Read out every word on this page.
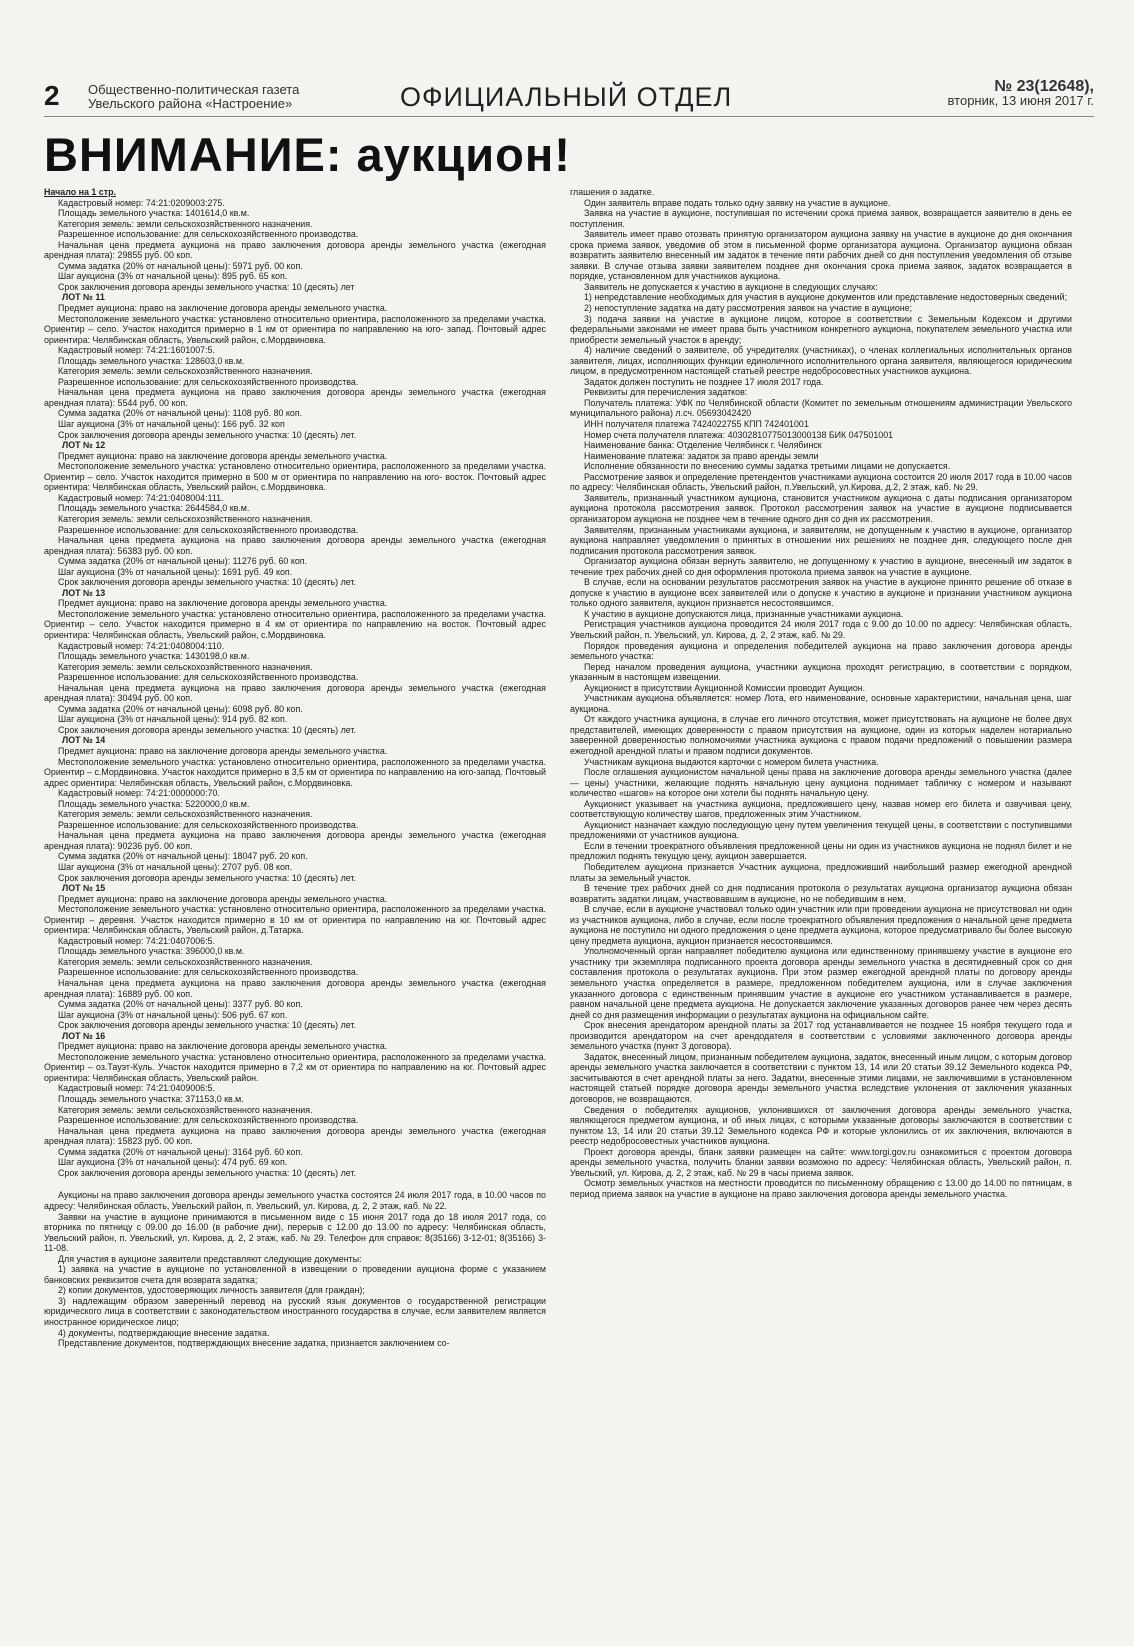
2 Общественно-политическая газета
Увельского района «Настроение»	ОФИЦИАЛЬНЫЙ ОТДЕЛ	№ 23(12648),
вторник, 13 июня 2017 г.
ВНИМАНИЕ: аукцион!

Начало на 1 стр.

Кадастровый номер: 74:21:0209003:275.

Площадь земельного участка: 1401614,0 кв.м.

Категория земель: земли сельскохозяйственного назначения.

Разрешенное использование: для сельскохозяйственного производства.

Начальная цена предмета аукциона на право заключения договора аренды земельного участка (ежегодная арендная плата): 29855 руб. 00 коп.

Сумма задатка (20% от начальной цены): 5971 руб. 00 коп.

Шаг аукциона (3% от начальной цены): 895 руб. 65 коп.

Срок заключения договора аренды земельного участка: 10 (десять) лет

ЛОТ № 11

Предмет аукциона: право на заключение договора аренды земельного участка.

Местоположение земельного участка: установлено относительно ориентира, расположенного за пределами участка. Ориентир – село. Участок находится примерно в 1 км от ориентира по направлению на юго- запад. Почтовый адрес ориентира: Челябинская область, Увельский район, с.Мордвиновка.

Кадастровый номер: 74:21:1601007:5.

Площадь земельного участка: 128603,0 кв.м.

Категория земель: земли сельскохозяйственного назначения.

Разрешенное использование: для сельскохозяйственного производства.

Начальная цена предмета аукциона на право заключения договора аренды земельного участка (ежегодная арендная плата): 5544 руб. 00 коп.

Сумма задатка (20% от начальной цены): 1108 руб. 80 коп.

Шаг аукциона (3% от начальной цены): 166 руб. 32 коп

Срок заключения договора аренды земельного участка: 10 (десять) лет.

ЛОТ № 12

Предмет аукциона: право на заключение договора аренды земельного участка.

Местоположение земельного участка: установлено относительно ориентира, расположенного за пределами участка. Ориентир – село. Участок находится примерно в 500 м от ориентира по направлению на юго- восток. Почтовый адрес ориентира: Челябинская область, Увельский район, с.Мордвиновка.

Кадастровый номер: 74:21:0408004:111.

Площадь земельного участка: 2644584,0 кв.м.

Категория земель: земли сельскохозяйственного назначения.

Разрешенное использование: для сельскохозяйственного производства.

Начальная цена предмета аукциона на право заключения договора аренды земельного участка (ежегодная арендная плата): 56383 руб. 00 коп.

Сумма задатка (20% от начальной цены): 11276 руб. 60 коп.

Шаг аукциона (3% от начальной цены): 1691 руб. 49 коп.

Срок заключения договора аренды земельного участка: 10 (десять) лет.

ЛОТ № 13

Предмет аукциона: право на заключение договора аренды земельного участка.

Местоположение земельного участка: установлено относительно ориентира, расположенного за пределами участка. Ориентир – село. Участок находится примерно в 4 км от ориентира по направлению на восток. Почтовый адрес ориентира: Челябинская область, Увельский район, с.Мордвиновка.

Кадастровый номер: 74:21:0408004:110.

Площадь земельного участка: 1430198,0 кв.м.

Категория земель: земли сельскохозяйственного назначения.

Разрешенное использование: для сельскохозяйственного производства.

Начальная цена предмета аукциона на право заключения договора аренды земельного участка (ежегодная арендная плата): 30494 руб. 00 коп.

Сумма задатка (20% от начальной цены): 6098 руб. 80 коп.

Шаг аукциона (3% от начальной цены): 914 руб. 82 коп.

Срок заключения договора аренды земельного участка: 10 (десять) лет.

ЛОТ № 14

Предмет аукциона: право на заключение договора аренды земельного участка.

Местоположение земельного участка: установлено относительно ориентира, расположенного за пределами участка. Ориентир – с.Мордвиновка. Участок находится примерно в 3,5 км от ориентира по направлению на юго-запад. Почтовый адрес ориентира: Челябинская область, Увельский район, с.Мордвиновка.

Кадастровый номер: 74:21:0000000:70.

Площадь земельного участка: 5220000,0 кв.м.

Категория земель: земли сельскохозяйственного назначения.

Разрешенное использование: для сельскохозяйственного производства.

Начальная цена предмета аукциона на право заключения договора аренды земельного участка (ежегодная арендная плата): 90236 руб. 00 коп.

Сумма задатка (20% от начальной цены): 18047 руб. 20 коп.

Шаг аукциона (3% от начальной цены): 2707 руб. 08 коп.

Срок заключения договора аренды земельного участка: 10 (десять) лет.

ЛОТ № 15

Предмет аукциона: право на заключение договора аренды земельного участка.

Местоположение земельного участка: установлено относительно ориентира, расположенного за пределами участка. Ориентир – деревня. Участок находится примерно в 10 км от ориентира по направлению на юг. Почтовый адрес ориентира: Челябинская область, Увельский район, д.Татарка.

Кадастровый номер: 74:21:0407006:5.

Площадь земельного участка: 396000,0 кв.м.

Категория земель: земли сельскохозяйственного назначения.

Разрешенное использование: для сельскохозяйственного производства.

Начальная цена предмета аукциона на право заключения договора аренды земельного участка (ежегодная арендная плата): 16889 руб. 00 коп.

Сумма задатка (20% от начальной цены): 3377 руб. 80 коп.

Шаг аукциона (3% от начальной цены): 506 руб. 67 коп.

Срок заключения договора аренды земельного участка: 10 (десять) лет.

ЛОТ № 16

Предмет аукциона: право на заключение договора аренды земельного участка.

Местоположение земельного участка: установлено относительно ориентира, расположенного за пределами участка. Ориентир – оз.Тауэт-Куль. Участок находится примерно в 7,2 км от ориентира по направлению на юг. Почтовый адрес ориентира: Челябинская область, Увельский район.

Кадастровый номер: 74:21:0409006:5.

Площадь земельного участка: 371153,0 кв.м.

Категория земель: земли сельскохозяйственного назначения.

Разрешенное использование: для сельскохозяйственного производства.

Начальная цена предмета аукциона на право заключения договора аренды земельного участка (ежегодная арендная плата): 15823 руб. 00 коп.

Сумма задатка (20% от начальной цены): 3164 руб. 60 коп.

Шаг аукциона (3% от начальной цены): 474 руб. 69 коп.

Срок заключения договора аренды земельного участка: 10 (десять) лет.

Аукционы на право заключения договора аренды земельного участка состоятся 24 июля 2017 года, в 10.00 часов по адресу: Челябинская область, Увельский район, п. Увельский, ул. Кирова, д. 2, 2 этаж, каб. № 22.

Заявки на участие в аукционе принимаются в письменном виде с 15 июня 2017 года до 18 июля 2017 года, со вторника по пятницу с 09.00 до 16.00 (в рабочие дни), перерыв с 12.00 до 13.00 по адресу: Челябинская область, Увельский район, п. Увельский, ул. Кирова, д. 2, 2 этаж, каб. № 29. Телефон для справок: 8(35166) 3-12-01; 8(35166) 3-11-08.

Для участия в аукционе заявители представляют следующие документы:

1) заявка на участие в аукционе по установленной в извещении о проведении аукциона форме с указанием банковских реквизитов счета для возврата задатка;

2) копии документов, удостоверяющих личность заявителя (для граждан);

3) надлежащим образом заверенный перевод на русский язык документов о государственной регистрации юридического лица в соответствии с законодательством иностранного государства в случае, если заявителем является иностранное юридическое лицо;

4) документы, подтверждающие внесение задатка.

Представление документов, подтверждающих внесение задатка, признается заключением со-

глашения о задатке.

Один заявитель вправе подать только одну заявку на участие в аукционе.

Заявка на участие в аукционе, поступившая по истечении срока приема заявок, возвращается заявителю в день ее поступления.

Заявитель имеет право отозвать принятую организатором аукциона заявку на участие в аукционе до дня окончания срока приема заявок, уведомив об этом в письменной форме организатора аукциона. Организатор аукциона обязан возвратить заявителю внесенный им задаток в течение пяти рабочих дней со дня поступления уведомления об отзыве заявки. В случае отзыва заявки заявителем позднее дня окончания срока приема заявок, задаток возвращается в порядке, установленном для участников аукциона.

Заявитель не допускается к участию в аукционе в следующих случаях:

1) непредставление необходимых для участия в аукционе документов или представление недостоверных сведений;

2) непоступление задатка на дату рассмотрения заявок на участие в аукционе;

3) подача заявки на участие в аукционе лицом, которое в соответствии с Земельным Кодексом и другими федеральными законами не имеет права быть участником конкретного аукциона, покупателем земельного участка или приобрести земельный участок в аренду;

4) наличие сведений о заявителе, об учредителях (участниках), о членах коллегиальных исполнительных органов заявителя, лицах, исполняющих функции единоличного исполнительного органа заявителя, являющегося юридическим лицом, в предусмотренном настоящей статьей реестре недобросовестных участников аукциона.

Задаток должен поступить не позднее 17 июля 2017 года.

Реквизиты для перечисления задатков:

Получатель платежа: УФК по Челябинской области (Комитет по земельным отношениям администрации Увельского муниципального района) л.сч. 05693042420

ИНН получателя платежа 7424022755 КПП 742401001

Номер счета получателя платежа: 40302810775013000138 БИК 047501001

Наименование банка: Отделение Челябинск г. Челябинск

Наименование платежа: задаток за право аренды земли

Исполнение обязанности по внесению суммы задатка третьими лицами не допускается.

Рассмотрение заявок и определение претендентов участниками аукциона состоится 20 июля 2017 года в 10.00 часов по адресу: Челябинская область, Увельский район, п.Увельский, ул.Кирова, д.2, 2 этаж, каб. № 29.

Заявитель, признанный участником аукциона, становится участником аукциона с даты подписания организатором аукциона протокола рассмотрения заявок. Протокол рассмотрения заявок на участие в аукционе подписывается организатором аукциона не позднее чем в течение одного дня со дня их рассмотрения.

Заявителям, признанным участниками аукциона, и заявителям, не допущенным к участию в аукционе, организатор аукциона направляет уведомления о принятых в отношении них решениях не позднее дня, следующего после дня подписания протокола рассмотрения заявок.

Организатор аукциона обязан вернуть заявителю, не допущенному к участию в аукционе, внесенный им задаток в течение трех рабочих дней со дня оформления протокола приема заявок на участие в аукционе.

В случае, если на основании результатов рассмотрения заявок на участие в аукционе принято решение об отказе в допуске к участию в аукционе всех заявителей или о допуске к участию в аукционе и признании участником аукциона только одного заявителя, аукцион признается несостоявшимся.

К участию в аукционе допускаются лица, признанные участниками аукциона.

Регистрация участников аукциона проводится 24 июля 2017 года с 9.00 до 10.00 по адресу: Челябинская область, Увельский район, п. Увельский, ул. Кирова, д. 2, 2 этаж, каб. № 29.

Порядок проведения аукциона и определения победителей аукциона на право заключения договора аренды земельного участка:

Перед началом проведения аукциона, участники аукциона проходят регистрацию, в соответствии с порядком, указанным в настоящем извещении.

Аукционист в присутствии Аукционной Комиссии проводит Аукцион.

Участникам аукциона объявляется: номер Лота, его наименование, основные характеристики, начальная цена, шаг аукциона.

От каждого участника аукциона, в случае его личного отсутствия, может присутствовать на аукционе не более двух представителей, имеющих доверенности с правом присутствия на аукционе, один из которых наделен нотариально заверенной доверенностью полномочиями участника аукциона с правом подачи предложений о повышении размера ежегодной арендной платы и правом подписи документов.

Участникам аукциона выдаются карточки с номером билета участника.

После оглашения аукционистом начальной цены права на заключение договора аренды земельного участка (далее — цены) участники, желающие поднять начальную цену аукциона поднимает табличку с номером и называют количество «шагов» на которое они хотели бы поднять начальную цену.

Аукционист указывает на участника аукциона, предложившего цену, назвав номер его билета и озвучивая цену, соответствующую количеству шагов, предложенных этим Участником.

Аукционист назначает каждую последующую цену путем увеличения текущей цены, в соответствии с поступившими предложениями от участников аукциона.

Если в течении троекратного объявления предложенной цены ни один из участников аукциона не поднял билет и не предложил поднять текущую цену, аукцион завершается.

Победителем аукциона признается Участник аукциона, предложивший наибольший размер ежегодной арендной платы за земельный участок.

В течение трех рабочих дней со дня подписания протокола о результатах аукциона организатор аукциона обязан возвратить задатки лицам, участвовавшим в аукционе, но не победившим в нем.

В случае, если в аукционе участвовал только один участник или при проведении аукциона не присутствовал ни один из участников аукциона, либо в случае, если после троекратного объявления предложения о начальной цене предмета аукциона не поступило ни одного предложения о цене предмета аукциона, которое предусматривало бы более высокую цену предмета аукциона, аукцион признается несостоявшимся.

Уполномоченный орган направляет победителю аукциона или единственному принявшему участие в аукционе его участнику три экземпляра подписанного проекта договора аренды земельного участка в десятидневный срок со дня составления протокола о результатах аукциона. При этом размер ежегодной арендной платы по договору аренды земельного участка определяется в размере, предложенном победителем аукциона, или в случае заключения указанного договора с единственным принявшим участие в аукционе его участником устанавливается в размере, равном начальной цене предмета аукциона. Не допускается заключение указанных договоров ранее чем через десять дней со дня размещения информации о результатах аукциона на официальном сайте.

Срок внесения арендатором арендной платы за 2017 год устанавливается не позднее 15 ноября текущего года и производится арендатором на счет арендодателя в соответствии с условиями заключенного договора аренды земельного участка (пункт 3 договора).

Задаток, внесенный лицом, признанным победителем аукциона, задаток, внесенный иным лицом, с которым договор аренды земельного участка заключается в соответствии с пунктом 13, 14 или 20 статьи 39.12 Земельного кодекса РФ, засчитываются в счет арендной платы за него. Задатки, внесенные этими лицами, не заключившими в установленном настоящей статьей порядке договора аренды земельного участка вследствие уклонения от заключения указанных договоров, не возвращаются.

Сведения о победителях аукционов, уклонившихся от заключения договора аренды земельного участка, являющегося предметом аукциона, и об иных лицах, с которыми указанные договоры заключаются в соответствии с пунктом 13, 14 или 20 статьи 39.12 Земельного кодекса РФ и которые уклонились от их заключения, включаются в реестр недобросовестных участников аукциона.

Проект договора аренды, бланк заявки размещен на сайте: www.torgi.gov.ru ознакомиться с проектом договора аренды земельного участка, получить бланки заявки возможно по адресу: Челябинская область, Увельский район, п. Увельский, ул. Кирова, д. 2, 2 этаж, каб. № 29 в часы приема заявок.

Осмотр земельных участков на местности проводится по письменному обращению с 13.00 до 14.00 по пятницам, в период приема заявок на участие в аукционе на право заключения договора аренды земельного участка.
